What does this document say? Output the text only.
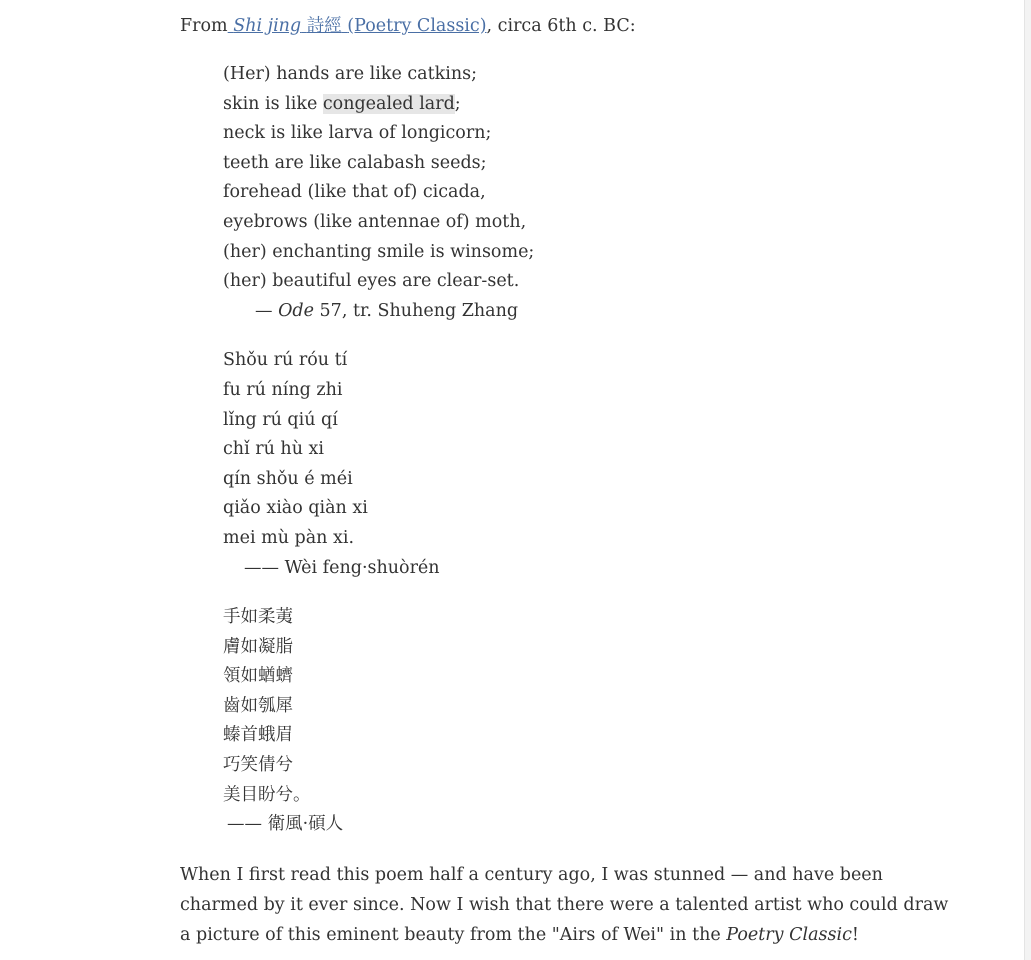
From Shi jing 詩經 (Poetry Classic), circa 6th c. BC:

(Her) hands are like catkins;
skin is like congealed lard;
neck is like larva of longicorn;
teeth are like calabash seeds;
forehead (like that of) cicada,
eyebrows (like antennae of) moth,
(her) enchanting smile is winsome;
(her) beautiful eyes are clear-set.
— Ode 57, tr. Shuheng Zhang
Shǒu rú róu tí
fu rú níng zhi
lǐng rú qiú qí
chǐ rú hù xi
qín shǒu é méi
qiǎo xiào qiàn xi
mei mù pàn xi.
—— Wèi feng·shuòrén
手如柔荑
膚如凝脂
領如蝤蠐
齒如瓠犀
螓首蛾眉
巧笑倩兮
美目盼兮。
—— 衛風·碩人

When I first read this poem half a century ago, I was stunned — and have been charmed by it ever since. Now I wish that there were a talented artist who could draw a picture of this eminent beauty from the "Airs of Wei" in the Poetry Classic!
